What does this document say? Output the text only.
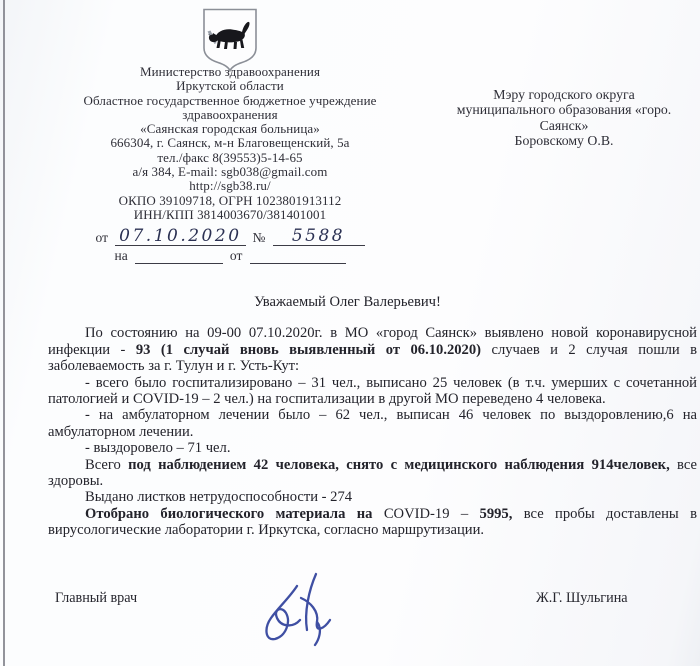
Министерство здравоохранения
Иркутской области
Областное государственное бюджетное учреждение
здравоохранения
«Саянская городская больница»
666304, г. Саянск, м-н Благовещенский, 5а
тел./факс 8(39553)5-14-65
а/я 384, E-mail: sgb038@gmail.com
http://sgb38.ru/
ОКПО 39109718, ОГРН 1023801913112
ИНН/КПП 3814003670/381401001
от 07.10.2020 №	5588
на	от
Мэру городского округа
муниципального образования «горо.
Саянск»
Боровскому О.В.
Уважаемый Олег Валерьевич!

По состоянию на 09-00 07.10.2020г. в МО «город Саянск» выявлено новой коронавирусной инфекции - 93 (1 случай вновь выявленный от 06.10.2020) случаев и 2 случая пошли в заболеваемость за г. Тулун и г. Усть-Кут:

- всего было госпитализировано – 31 чел., выписано 25 человек (в т.ч. умерших с сочетанной патологией и COVID-19 – 2 чел.) на госпитализации в другой МО переведено 4 человека.

- на амбулаторном лечении было – 62 чел., выписан 46 человек по выздоровлению,6 на амбулаторном лечении.

- выздоровело – 71 чел.

Всего под наблюдением 42 человека, снято с медицинского наблюдения 914человек, все здоровы.

Выдано листков нетрудоспособности - 274

Отобрано биологического материала на COVID-19 – 5995, все пробы доставлены в вирусологические лаборатории г. Иркутска, согласно маршрутизации.

Главный врач	Ж.Г. Шульгина
